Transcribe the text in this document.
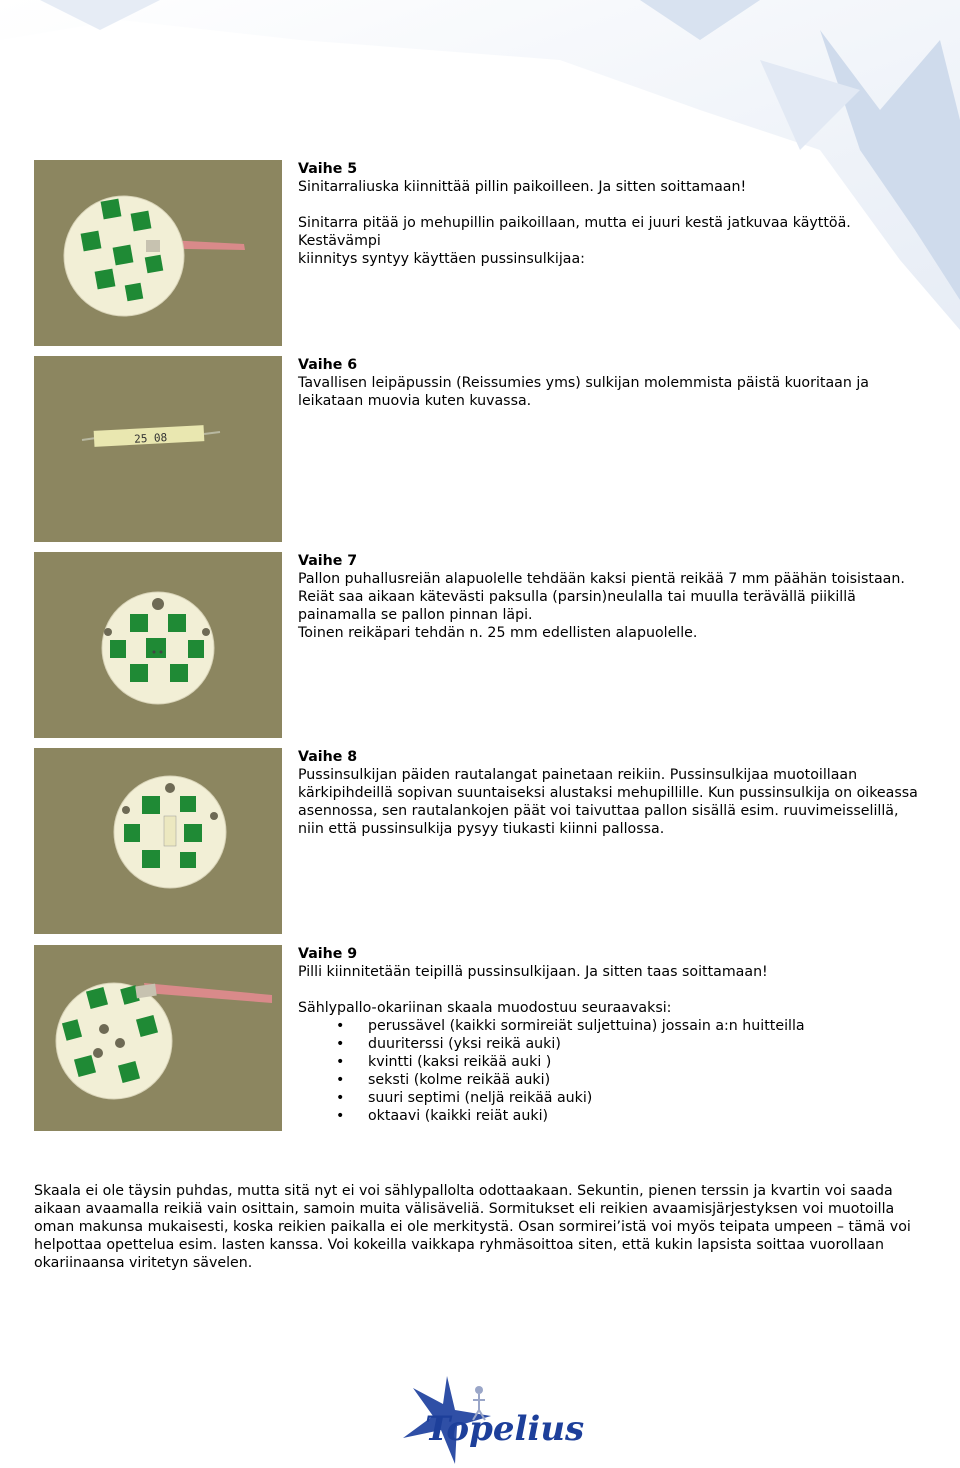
Vaihe 5
Sinitarraliuska kiinnittää pillin paikoilleen. Ja sitten soittamaan!
Sinitarra pitää jo mehupillin paikoillaan, mutta ei juuri kestä jatkuvaa käyttöä.
Kestävämpi
kiinnitys syntyy käyttäen pussinsulkijaa:
25 08
Vaihe 6
Tavallisen leipäpussin (Reissumies yms) sulkijan molemmista päistä kuoritaan ja leikataan muovia kuten kuvassa.
Vaihe 7
Pallon puhallusreiän alapuolelle tehdään kaksi pientä reikää 7 mm päähän toisistaan. Reiät saa aikaan kätevästi paksulla (parsin)neulalla tai muulla terävällä piikillä painamalla se pallon pinnan läpi.
Toinen reikäpari tehdän n. 25 mm edellisten alapuolelle.
Vaihe 8
Pussinsulkijan päiden rautalangat painetaan reikiin. Pussinsulkijaa muotoillaan kärkipihdeillä sopivan suuntaiseksi alustaksi mehupillille. Kun pussinsulkija on oikeassa asennossa, sen rautalankojen päät voi taivuttaa pallon sisällä esim. ruuvimeisselillä, niin että pussinsulkija pysyy tiukasti kiinni pallossa.
Vaihe 9
Pilli kiinnitetään teipillä pussinsulkijaan. Ja sitten taas soittamaan!
Sählypallo-okariinan skaala muodostuu seuraavaksi:
• perussävel (kaikki sormireiät suljettuina) jossain a:n huitteilla
• duuriterssi (yksi reikä auki)
• kvintti (kaksi reikää auki )
• seksti (kolme reikää auki)
• suuri septimi (neljä reikää auki)
• oktaavi (kaikki reiät auki)

Skaala ei ole täysin puhdas, mutta sitä nyt ei voi sählypallolta odottaakaan. Sekuntin, pienen terssin ja kvartin voi saada aikaan avaamalla reikiä vain osittain, samoin muita välisäveliä. Sormitukset eli reikien avaamisjärjestyksen voi muotoilla oman makunsa mukaisesti, koska reikien paikalla ei ole merkitystä. Osan sormirei’istä voi myös teipata umpeen – tämä voi helpottaa opettelua esim. lasten kanssa. Voi kokeilla vaikkapa ryhmäsoittoa siten, että kukin lapsista soittaa vuorollaan okariinaansa viritetyn sävelen.

Topelius
